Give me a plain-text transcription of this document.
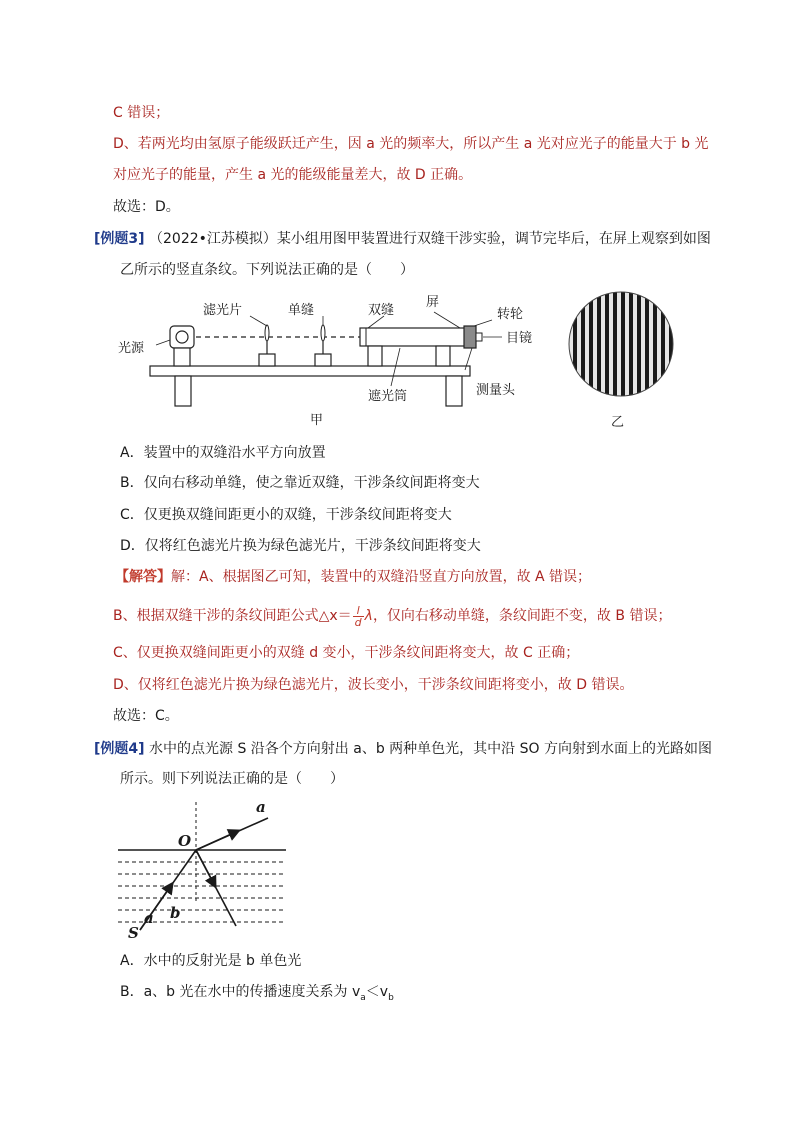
C 错误；
D、若两光均由氢原子能级跃迁产生，因 a 光的频率大，所以产生 a 光对应光子的能量大于 b 光
对应光子的能量，产生 a 光的能级能量差大，故 D 正确。
故选：D。
[例题3] （2022•江苏模拟）某小组用图甲装置进行双缝干涉实验，调节完毕后，在屏上观察到如图
乙所示的竖直条纹。下列说法正确的是（　　）
滤光片	单缝	双缝
屏
转轮
光源
目镜
遮光筒	测量头
甲	乙
A．装置中的双缝沿水平方向放置
B．仅向右移动单缝，使之靠近双缝，干涉条纹间距将变大
C．仅更换双缝间距更小的双缝，干涉条纹间距将变大
D．仅将红色滤光片换为绿色滤光片，干涉条纹间距将变大
【解答】解：A、根据图乙可知，装置中的双缝沿竖直方向放置，故 A 错误；
B、根据双缝干涉的条纹间距公式△x＝ $\frac{l}{d}$ λ，仅向右移动单缝，条纹间距不变，故 B 错误；
C、仅更换双缝间距更小的双缝 d 变小，干涉条纹间距将变大，故 C 正确；
D、仅将红色滤光片换为绿色滤光片，波长变小，干涉条纹间距将变小，故 D 错误。
故选：C。
[例题4] 水中的点光源 S 沿各个方向射出 a、b 两种单色光，其中沿 SO 方向射到水面上的光路如图
所示。则下列说法正确的是（　　）
a
O
a b
S
A．水中的反射光是 b 单色光
B．a、b 光在水中的传播速度关系为 $v_a<v_b$
